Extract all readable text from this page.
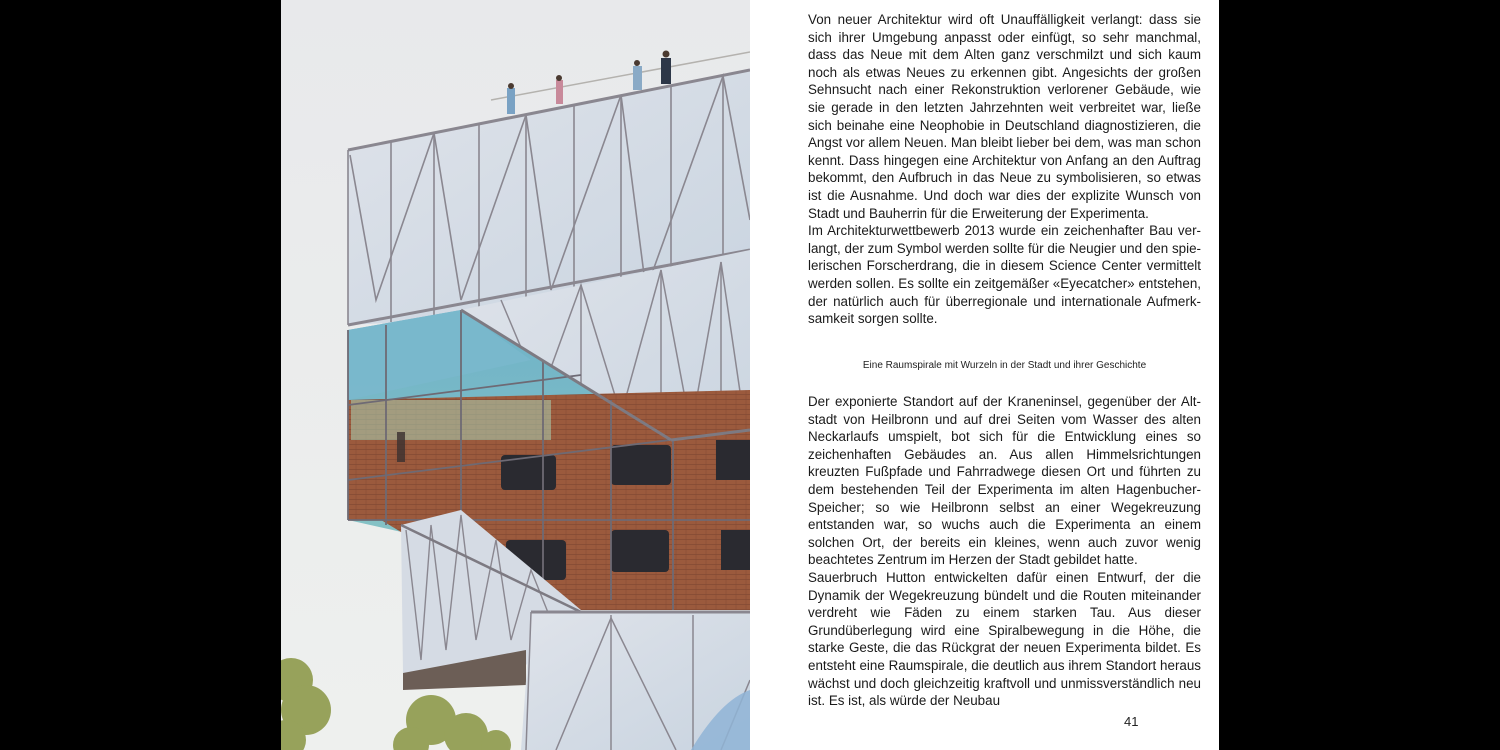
Von neuer Architektur wird oft Unauffälligkeit verlangt: dass sie sich ihrer Umgebung anpasst oder einfügt, so sehr manchmal, dass das Neue mit dem Alten ganz verschmilzt und sich kaum noch als etwas Neues zu erkennen gibt. Angesichts der großen Sehnsucht nach einer Rekonstruktion verlorener Gebäude, wie sie gerade in den letzten Jahrzehnten weit verbreitet war, ließe sich beinahe eine Neophobie in Deutschland diagnostizieren, die Angst vor allem Neuen. Man bleibt lieber bei dem, was man schon kennt. Dass hingegen eine Architektur von Anfang an den Auftrag bekommt, den Aufbruch in das Neue zu symbolisieren, so etwas ist die Ausnahme. Und doch war dies der explizite Wunsch von Stadt und Bauherrin für die Erweiterung der Experimenta.

Im Architekturwettbewerb 2013 wurde ein zeichenhafter Bau verlangt, der zum Symbol werden sollte für die Neugier und den spielerischen Forscherdrang, die in diesem Science Center vermittelt werden sollen. Es sollte ein zeitgemäßer «Eyecatcher» entstehen, der natürlich auch für überregionale und internationale Aufmerksamkeit sorgen sollte.

Eine Raumspirale mit Wurzeln in der Stadt und ihrer Geschichte

Der exponierte Standort auf der Kraneninsel, gegenüber der Altstadt von Heilbronn und auf drei Seiten vom Wasser des alten Neckarlaufs umspielt, bot sich für die Entwicklung eines so zeichenhaften Gebäudes an. Aus allen Himmelsrichtungen kreuzten Fußpfade und Fahrradwege diesen Ort und führten zu dem bestehenden Teil der Experimenta im alten Hagenbucher-Speicher; so wie Heilbronn selbst an einer Wegekreuzung entstanden war, so wuchs auch die Experimenta an einem solchen Ort, der bereits ein kleines, wenn auch zuvor wenig beachtetes Zentrum im Herzen der Stadt gebildet hatte.

Sauerbruch Hutton entwickelten dafür einen Entwurf, der die Dynamik der Wegekreuzung bündelt und die Routen miteinander verdreht wie Fäden zu einem starken Tau. Aus dieser Grundüberlegung wird eine Spiralbewegung in die Höhe, die starke Geste, die das Rückgrat der neuen Experimenta bildet. Es entsteht eine Raumspirale, die deutlich aus ihrem Standort heraus wächst und doch gleichzeitig kraftvoll und unmissverständlich neu ist. Es ist, als würde der Neubau

41
